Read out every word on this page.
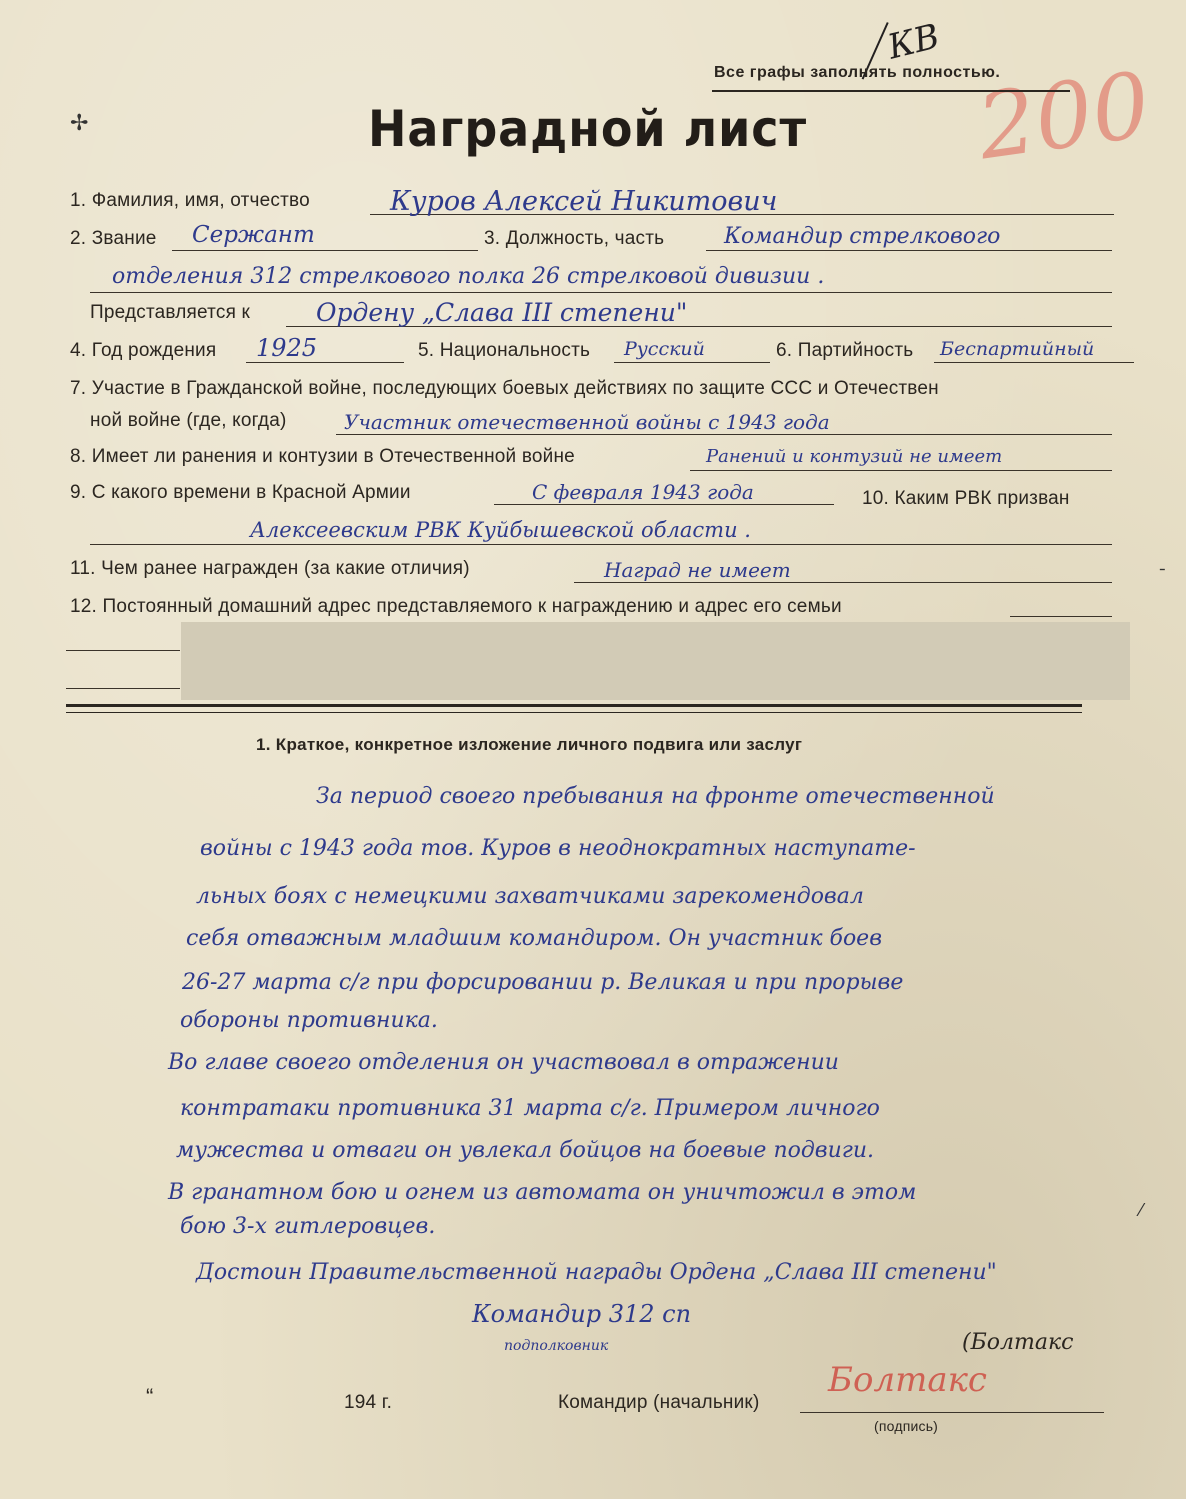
КВ
200
Все графы заполнять полностью.
✢	Наградной лист
1. Фамилия, имя, отчество	Куров Алексей Никитович
2. Звание Сержант	3. Должность, часть	Командир стрелкового
отделения 312 стрелкового полка 26 стрелковой дивизии .
Представляется к	Ордену „Слава III степени"
4. Год рождения 1925	5. Национальность Русский	6. Партийность Беспартийный
7. Участие в Гражданской войне, последующих боевых действиях по защите ССС и Отечествен
ной войне (где, когда)	Участник отечественной войны с 1943 года
8. Имеет ли ранения и контузии в Отечественной войне	Ранений и контузий не имеет
9. С какого времени в Красной Армии	С февраля 1943 года	10. Каким РВК призван
Алексеевским РВК Куйбышевской области .
11. Чем ранее награжден (за какие отличия)	Наград не имеет
12. Постоянный домашний адрес представляемого к награждению и адрес его семьи
1. Краткое, конкретное изложение личного подвига или заслуг
За период своего пребывания на фронте отечественной
войны с 1943 года тов. Куров в неоднократных наступате-
льных боях с немецкими захватчиками зарекомендовал
себя отважным младшим командиром. Он участник боев
26-27 марта с/г при форсировании р. Великая и при прорыве
обороны противника.
Во главе своего отделения он участвовал в отражении
контратаки противника 31 марта с/г. Примером личного
мужества и отваги он увлекал бойцов на боевые подвиги.
В гранатном бою и огнем из автомата он уничтожил в этом
бою 3-х гитлеровцев.
Достоин Правительственной награды Ордена „Слава III степени"
Командир 312 сп
подполковник	(Болтакс
Болтакс
“	194 г.	Командир (начальник)
(подпись)
╴
⁄
